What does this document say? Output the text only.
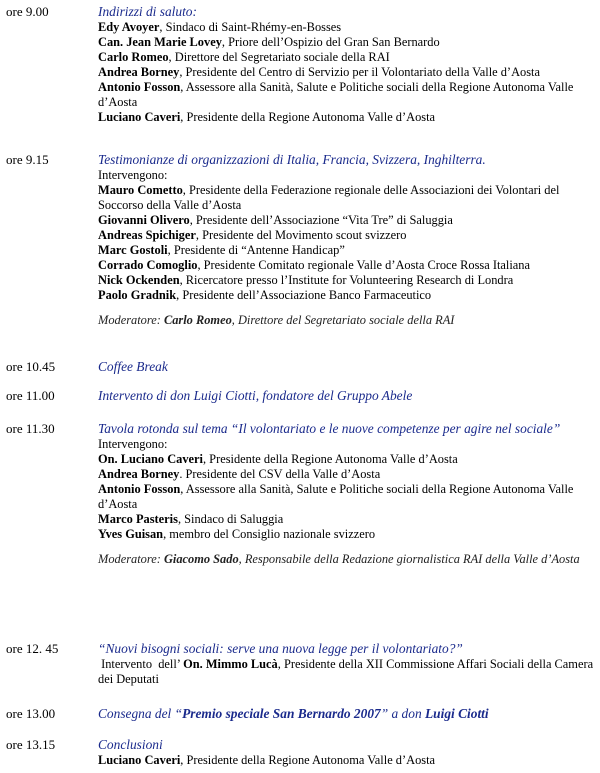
ore 9.00	Indirizzi di saluto:
Edy Avoyer, Sindaco di Saint-Rhémy-en-Bosses
Can. Jean Marie Lovey, Priore dell’Ospizio del Gran San Bernardo
Carlo Romeo, Direttore del Segretariato sociale della RAI
Andrea Borney, Presidente del Centro di Servizio per il Volontariato della Valle d’Aosta
Antonio Fosson, Assessore alla Sanità, Salute e Politiche sociali della Regione Autonoma Valle d’Aosta
Luciano Caveri, Presidente della Regione Autonoma Valle d’Aosta
ore 9.15	Testimonianze di organizzazioni di Italia, Francia, Svizzera, Inghilterra.
Intervengono:
Mauro Cometto, Presidente della Federazione regionale delle Associazioni dei Volontari del Soccorso della Valle d’Aosta
Giovanni Olivero, Presidente dell’Associazione “Vita Tre” di Saluggia
Andreas Spichiger, Presidente del Movimento scout svizzero
Marc Gostoli, Presidente di “Antenne Handicap”
Corrado Comoglio, Presidente Comitato regionale Valle d’Aosta Croce Rossa Italiana
Nick Ockenden, Ricercatore presso l’Institute for Volunteering Research di Londra
Paolo Gradnik, Presidente dell’Associazione Banco Farmaceutico
Moderatore: Carlo Romeo, Direttore del Segretariato sociale della RAI
ore 10.45	Coffee Break
ore 11.00	Intervento di don Luigi Ciotti, fondatore del Gruppo Abele
ore 11.30	Tavola rotonda sul tema “Il volontariato e le nuove competenze per agire nel sociale”
Intervengono:
On. Luciano Caveri, Presidente della Regione Autonoma Valle d’Aosta
Andrea Borney. Presidente del CSV della Valle d’Aosta
Antonio Fosson, Assessore alla Sanità, Salute e Politiche sociali della Regione Autonoma Valle d’Aosta
Marco Pasteris, Sindaco di Saluggia
Yves Guisan, membro del Consiglio nazionale svizzero
Moderatore: Giacomo Sado, Responsabile della Redazione giornalistica RAI della Valle d’Aosta
ore 12. 45	“Nuovi bisogni sociali: serve una nuova legge per il volontariato?”
Intervento  dell’ On. Mimmo Lucà, Presidente della XII Commissione Affari Sociali della Camera dei Deputati
ore 13.00	Consegna del “Premio speciale San Bernardo 2007” a don Luigi Ciotti
ore 13.15	Conclusioni
Luciano Caveri, Presidente della Regione Autonoma Valle d’Aosta
